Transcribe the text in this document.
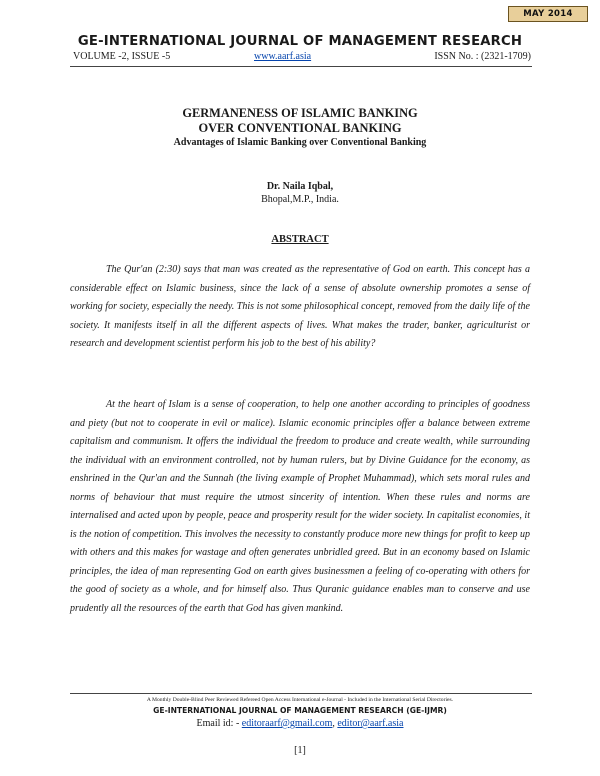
MAY 2014
GE-INTERNATIONAL JOURNAL OF MANAGEMENT RESEARCH
VOLUME -2, ISSUE -5	www.aarf.asia	ISSN No. : (2321-1709)
GERMANENESS OF ISLAMIC BANKING
OVER CONVENTIONAL BANKING
Advantages of Islamic Banking over Conventional Banking
Dr. Naila Iqbal,
Bhopal,M.P., India.
ABSTRACT

The Qur'an (2:30) says that man was created as the representative of God on earth. This concept has a considerable effect on Islamic business, since the lack of a sense of absolute ownership promotes a sense of working for society, especially the needy. This is not some philosophical concept, removed from the daily life of the society. It manifests itself in all the different aspects of lives. What makes the trader, banker, agriculturist or research and development scientist perform his job to the best of his ability?

At the heart of Islam is a sense of cooperation, to help one another according to principles of goodness and piety (but not to cooperate in evil or malice). Islamic economic principles offer a balance between extreme capitalism and communism. It offers the individual the freedom to produce and create wealth, while surrounding the individual with an environment controlled, not by human rulers, but by Divine Guidance for the economy, as enshrined in the Qur'an and the Sunnah (the living example of Prophet Muhammad), which sets moral rules and norms of behaviour that must require the utmost sincerity of intention. When these rules and norms are internalised and acted upon by people, peace and prosperity result for the wider society. In capitalist economies, it is the notion of competition. This involves the necessity to constantly produce more new things for profit to keep up with others and this makes for wastage and often generates unbridled greed. But in an economy based on Islamic principles, the idea of man representing God on earth gives businessmen a feeling of co-operating with others for the good of society as a whole, and for himself also. Thus Quranic guidance enables man to conserve and use prudently all the resources of the earth that God has given mankind.

A Monthly Double-Blind Peer Reviewed Refereed Open Access International e-Journal - Included in the International Serial Directories.
GE-INTERNATIONAL JOURNAL OF MANAGEMENT RESEARCH (GE-IJMR)
Email id: - editoraarf@gmail.com, editor@aarf.asia
[1]
